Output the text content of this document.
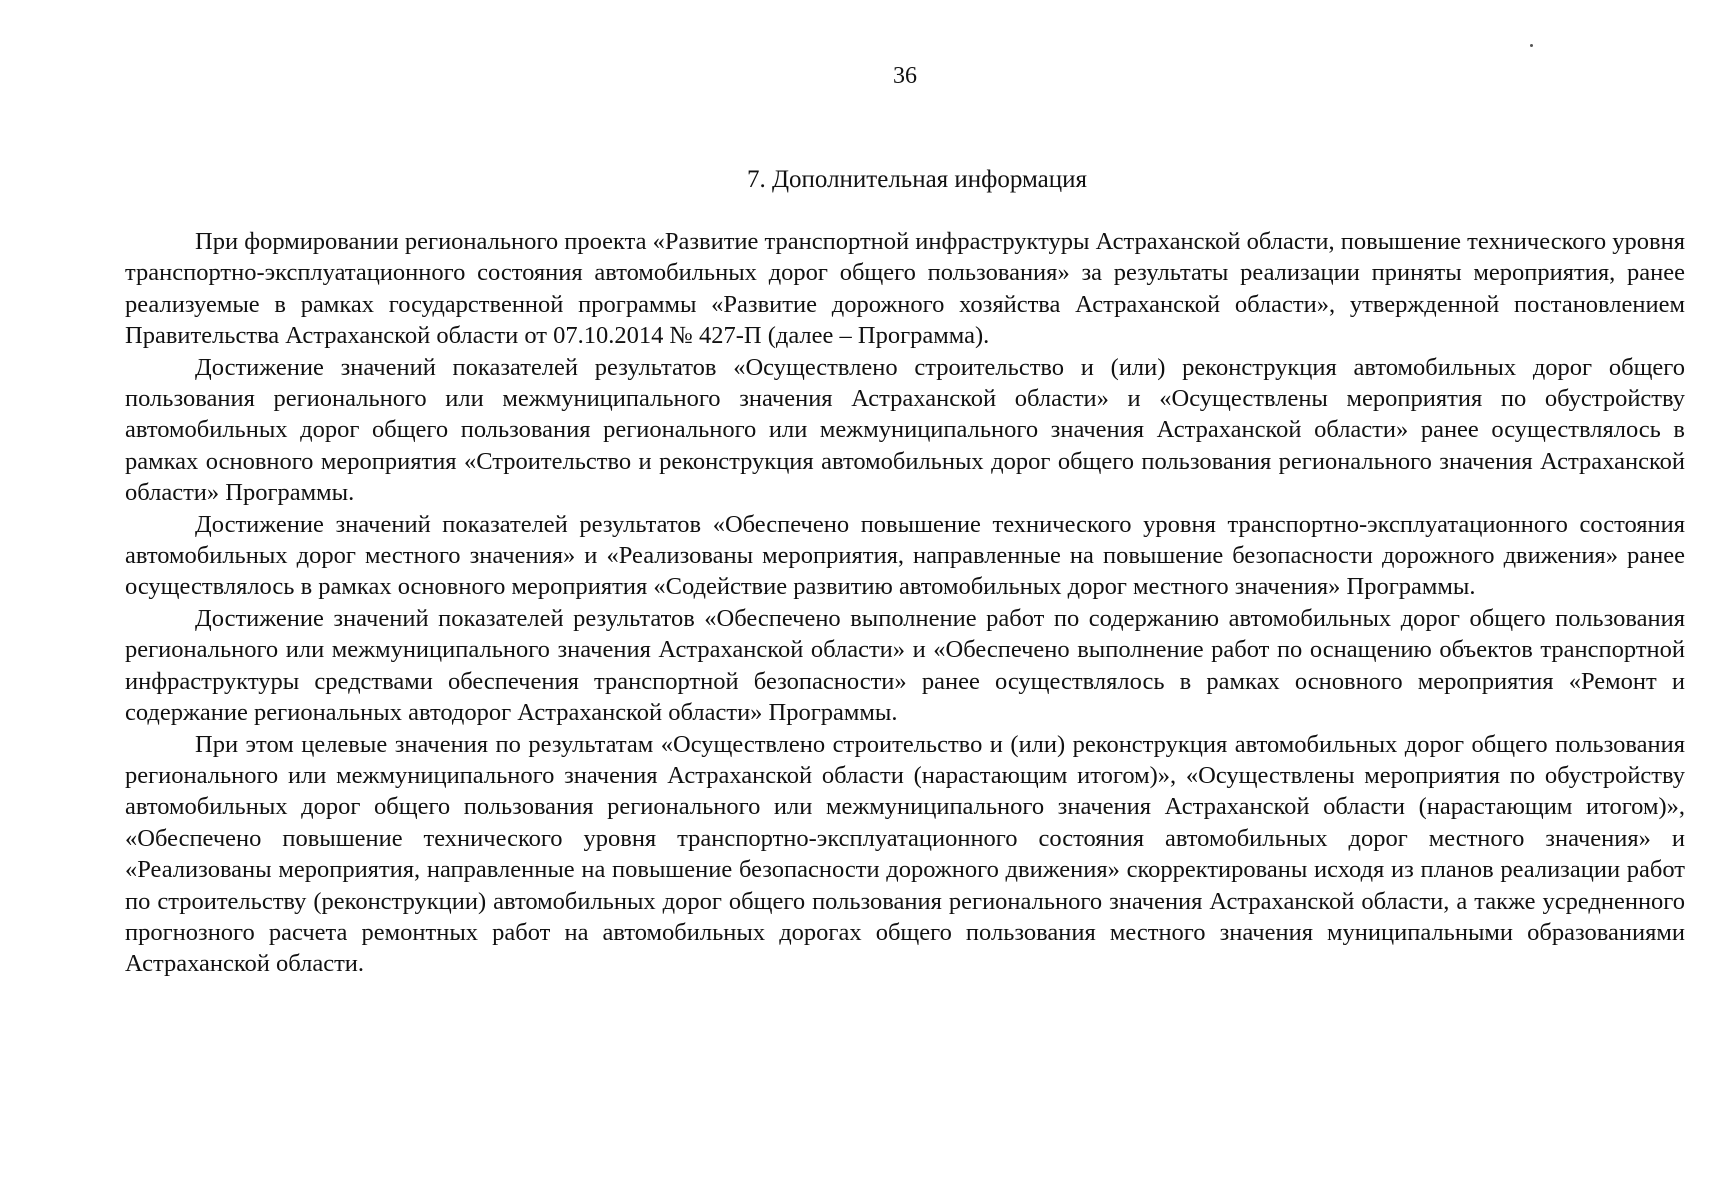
36
7. Дополнительная информация

При формировании регионального проекта «Развитие транспортной инфраструктуры Астраханской области, повышение технического уровня транспортно-эксплуатационного состояния автомобильных дорог общего пользования» за результаты реализации приняты мероприятия, ранее реализуемые в рамках государственной программы «Развитие дорожного хозяйства Астраханской области», утвержденной постановлением Правительства Астраханской области от 07.10.2014 № 427-П (далее – Программа).

Достижение значений показателей результатов «Осуществлено строительство и (или) реконструкция автомобильных дорог общего пользования регионального или межмуниципального значения Астраханской области» и «Осуществлены мероприятия по обустройству автомобильных дорог общего пользования регионального или межмуниципального значения Астраханской области» ранее осуществлялось в рамках основного мероприятия «Строительство и реконструкция автомобильных дорог общего пользования регионального значения Астраханской области» Программы.

Достижение значений показателей результатов «Обеспечено повышение технического уровня транспортно-эксплуатационного состояния автомобильных дорог местного значения» и «Реализованы мероприятия, направленные на повышение безопасности дорожного движения» ранее осуществлялось в рамках основного мероприятия «Содействие развитию автомобильных дорог местного значения» Программы.

Достижение значений показателей результатов «Обеспечено выполнение работ по содержанию автомобильных дорог общего пользования регионального или межмуниципального значения Астраханской области» и «Обеспечено выполнение работ по оснащению объектов транспортной инфраструктуры средствами обеспечения транспортной безопасности» ранее осуществлялось в рамках основного мероприятия «Ремонт и содержание региональных автодорог Астраханской области» Программы.

При этом целевые значения по результатам «Осуществлено строительство и (или) реконструкция автомобильных дорог общего пользования регионального или межмуниципального значения Астраханской области (нарастающим итогом)», «Осуществлены мероприятия по обустройству автомобильных дорог общего пользования регионального или межмуниципального значения Астраханской области (нарастающим итогом)», «Обеспечено повышение технического уровня транспортно-эксплуатационного состояния автомобильных дорог местного значения» и «Реализованы мероприятия, направленные на повышение безопасности дорожного движения» скорректированы исходя из планов реализации работ по строительству (реконструкции) автомобильных дорог общего пользования регионального значения Астраханской области, а также усредненного прогнозного расчета ремонтных работ на автомобильных дорогах общего пользования местного значения муниципальными образованиями Астраханской области.
